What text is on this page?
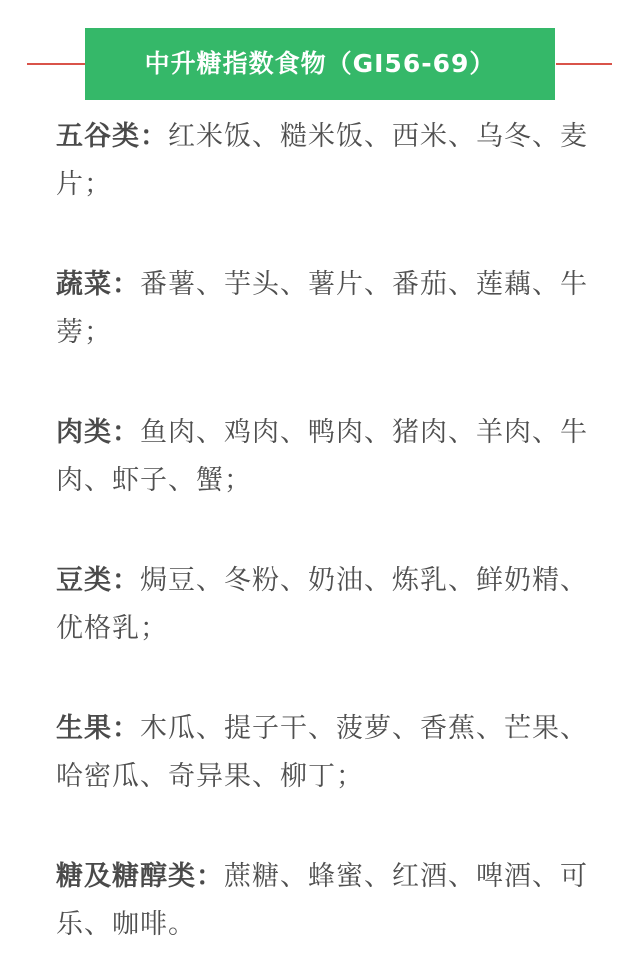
中升糖指数食物（GI56-69）

五谷类：红米饭、糙米饭、西米、乌冬、麦片；

蔬菜：番薯、芋头、薯片、番茄、莲藕、牛蒡；

肉类：鱼肉、鸡肉、鸭肉、猪肉、羊肉、牛肉、虾子、蟹；

豆类：焗豆、冬粉、奶油、炼乳、鲜奶精、优格乳；

生果：木瓜、提子干、菠萝、香蕉、芒果、哈密瓜、奇异果、柳丁；

糖及糖醇类：蔗糖、蜂蜜、红酒、啤酒、可乐、咖啡。
